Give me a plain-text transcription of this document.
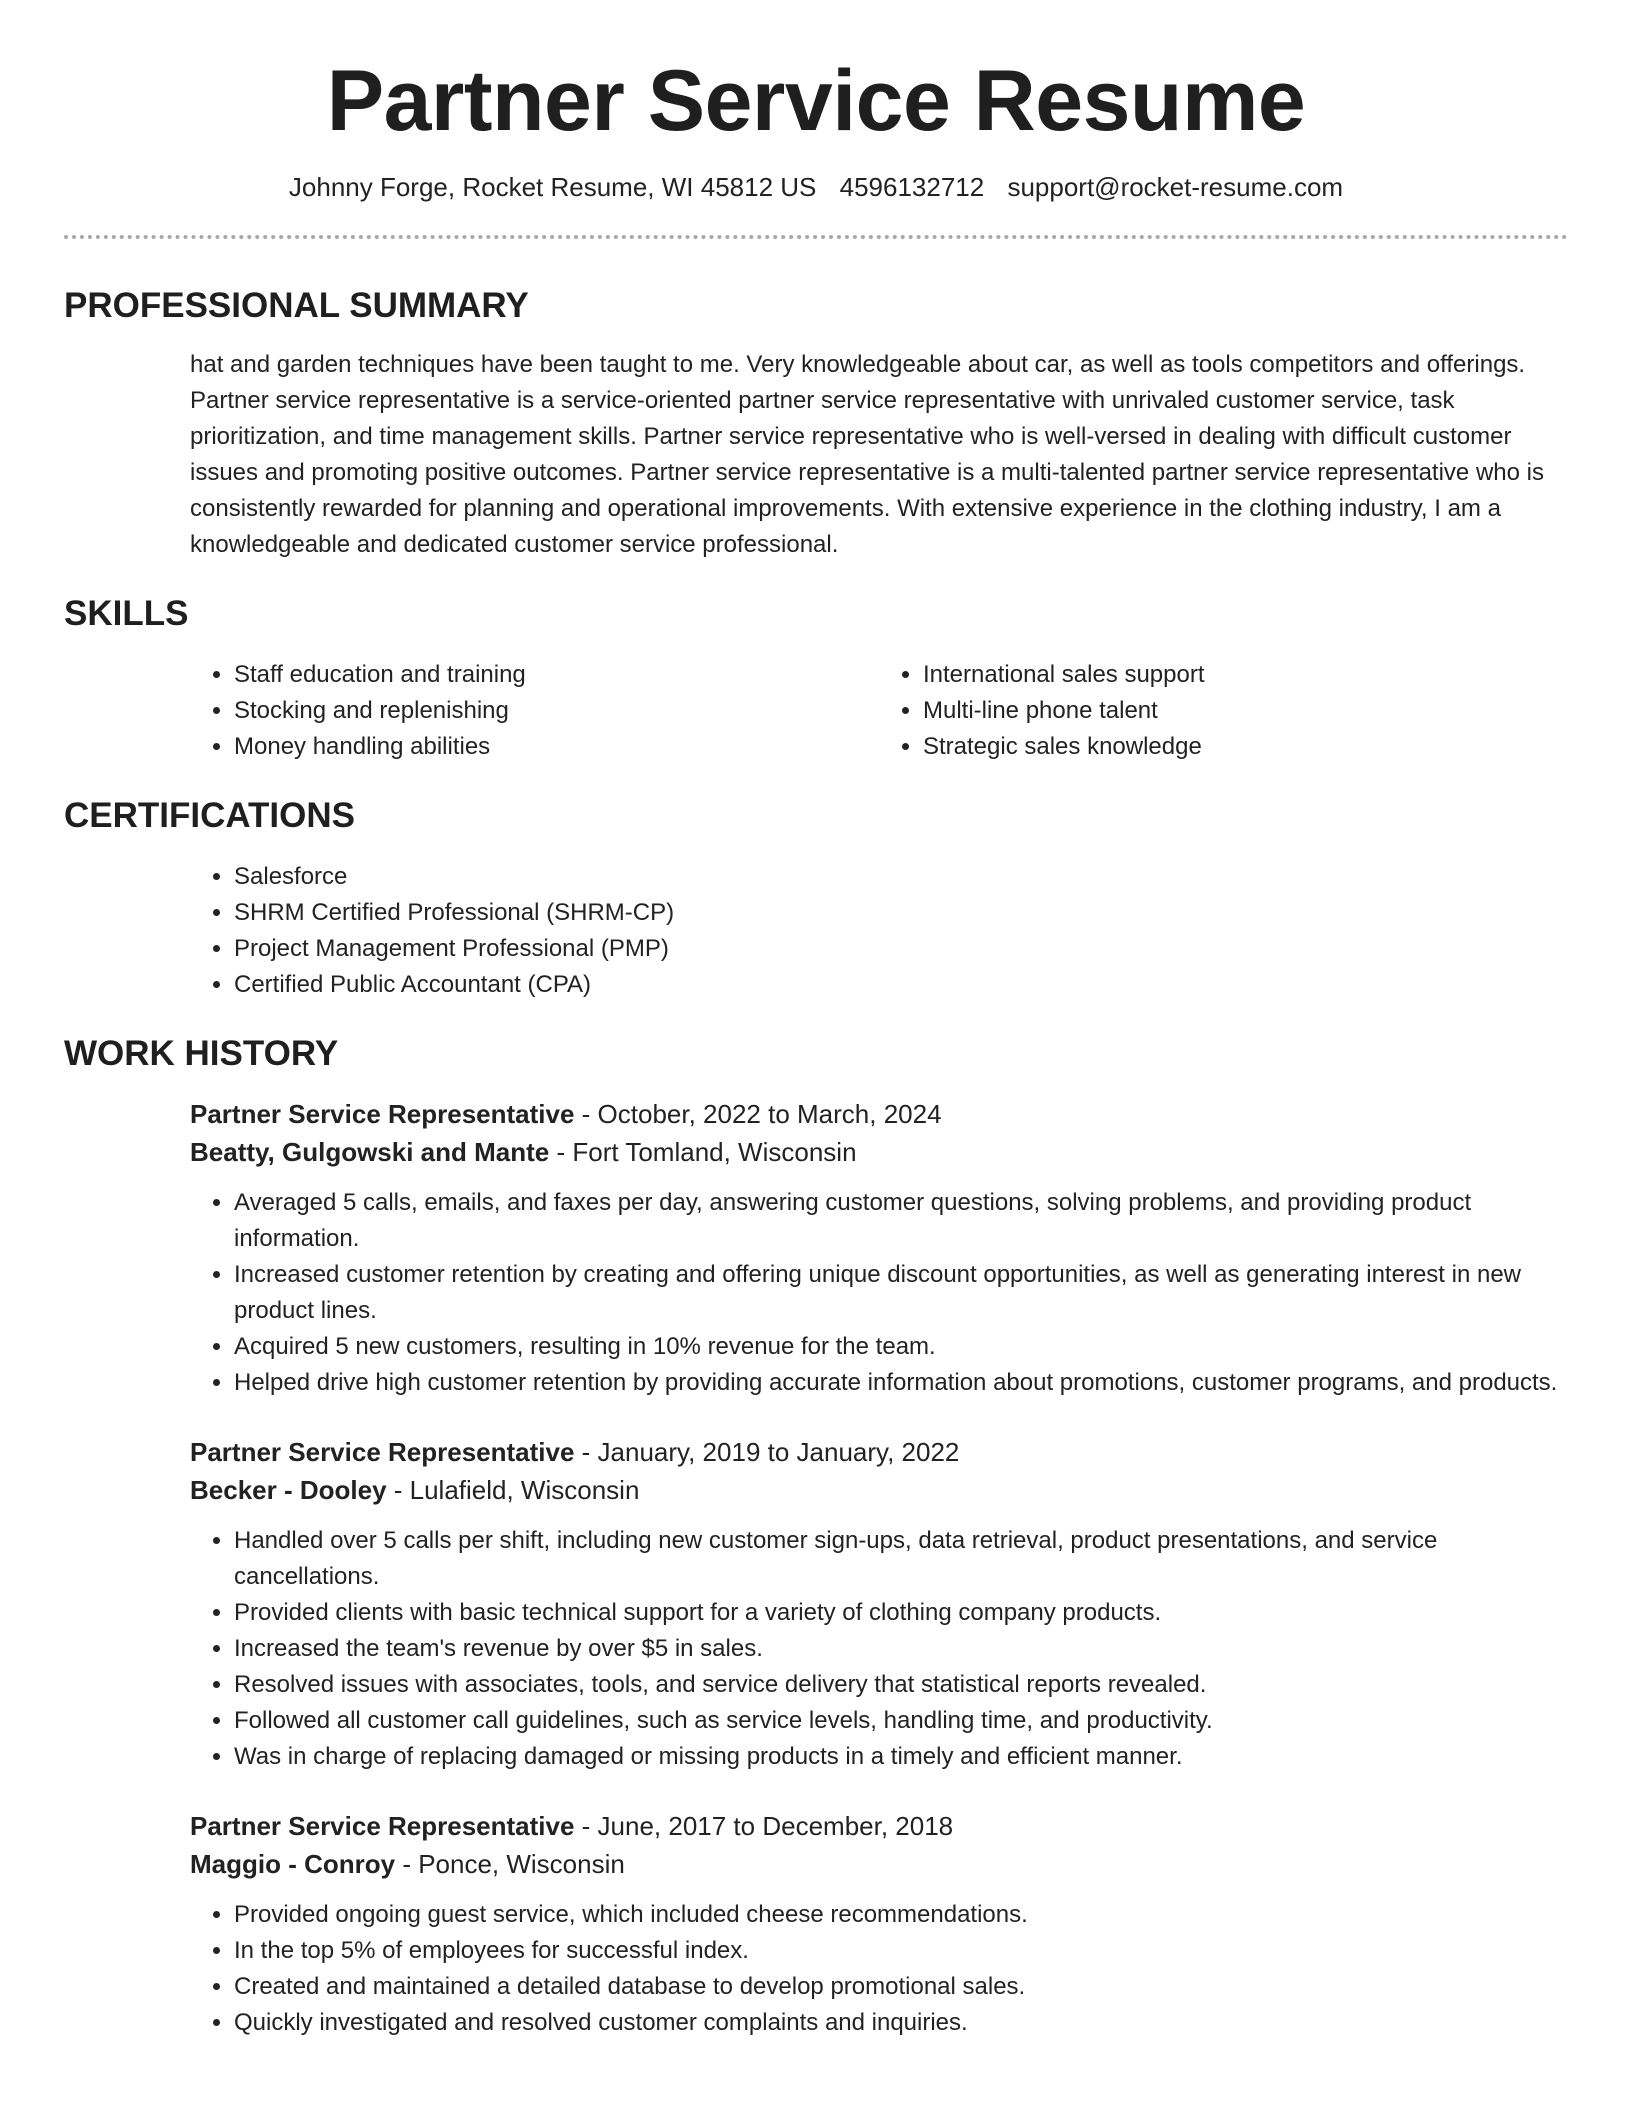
Partner Service Resume
Johnny Forge, Rocket Resume, WI 45812 US 4596132712 support@rocket-resume.com
PROFESSIONAL SUMMARY

hat and garden techniques have been taught to me. Very knowledgeable about car, as well as tools competitors and offerings. Partner service representative is a service-oriented partner service representative with unrivaled customer service, task prioritization, and time management skills. Partner service representative who is well-versed in dealing with difficult customer issues and promoting positive outcomes. Partner service representative is a multi-talented partner service representative who is consistently rewarded for planning and operational improvements. With extensive experience in the clothing industry, I am a knowledgeable and dedicated customer service professional.

SKILLS
• Staff education and training
• Stocking and replenishing
• Money handling abilities
• International sales support
• Multi-line phone talent
• Strategic sales knowledge
CERTIFICATIONS
• Salesforce
• SHRM Certified Professional (SHRM-CP)
• Project Management Professional (PMP)
• Certified Public Accountant (CPA)
WORK HISTORY
Partner Service Representative - October, 2022 to March, 2024
Beatty, Gulgowski and Mante - Fort Tomland, Wisconsin
• Averaged 5 calls, emails, and faxes per day, answering customer questions, solving problems, and providing product information.
• Increased customer retention by creating and offering unique discount opportunities, as well as generating interest in new product lines.
• Acquired 5 new customers, resulting in 10% revenue for the team.
• Helped drive high customer retention by providing accurate information about promotions, customer programs, and products.
Partner Service Representative - January, 2019 to January, 2022
Becker - Dooley - Lulafield, Wisconsin
• Handled over 5 calls per shift, including new customer sign-ups, data retrieval, product presentations, and service cancellations.
• Provided clients with basic technical support for a variety of clothing company products.
• Increased the team's revenue by over $5 in sales.
• Resolved issues with associates, tools, and service delivery that statistical reports revealed.
• Followed all customer call guidelines, such as service levels, handling time, and productivity.
• Was in charge of replacing damaged or missing products in a timely and efficient manner.
Partner Service Representative - June, 2017 to December, 2018
Maggio - Conroy - Ponce, Wisconsin
• Provided ongoing guest service, which included cheese recommendations.
• In the top 5% of employees for successful index.
• Created and maintained a detailed database to develop promotional sales.
• Quickly investigated and resolved customer complaints and inquiries.
